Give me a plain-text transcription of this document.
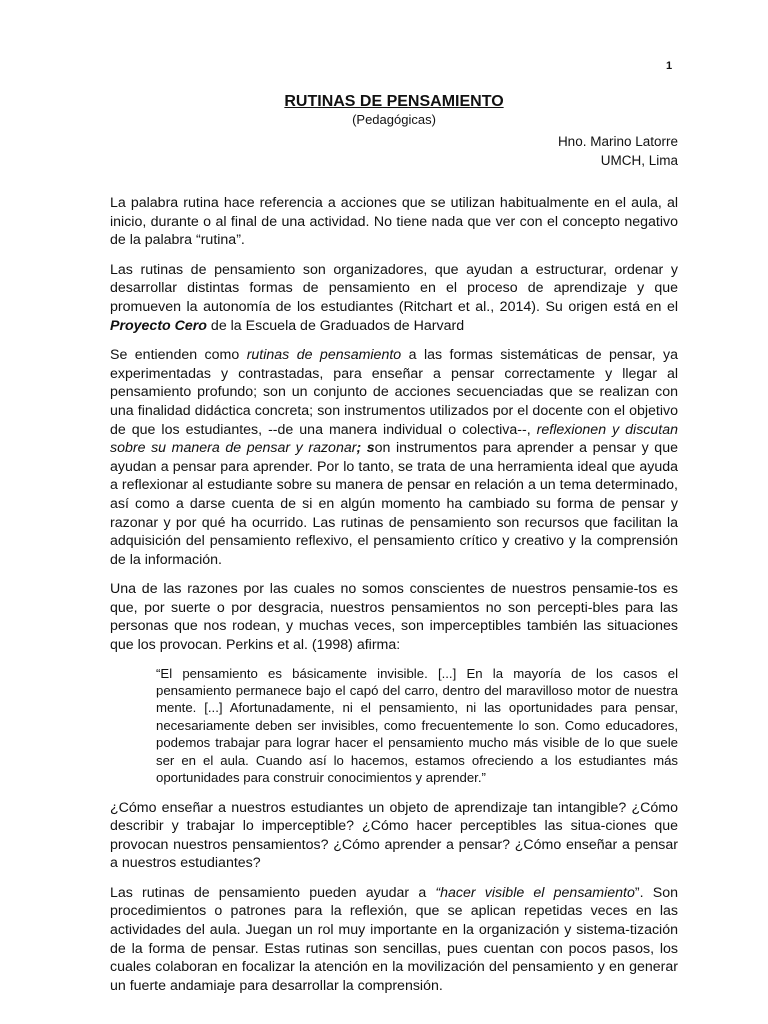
1

RUTINAS DE PENSAMIENTO

(Pedagógicas)

Hno. Marino Latorre
UMCH, Lima

La palabra rutina hace referencia a acciones que se utilizan habitualmente en el aula, al inicio, durante o al final de una actividad. No tiene nada que ver con el concepto negativo de la palabra “rutina”.

Las rutinas de pensamiento son organizadores, que ayudan a estructurar, ordenar y desarrollar distintas formas de pensamiento en el proceso de aprendizaje y que promueven la autonomía de los estudiantes (Ritchart et al., 2014). Su origen está en el Proyecto Cero de la Escuela de Graduados de Harvard

Se entienden como rutinas de pensamiento a las formas sistemáticas de pensar, ya experimentadas y contrastadas, para enseñar a pensar correctamente y llegar al pensamiento profundo; son un conjunto de acciones secuenciadas que se realizan con una finalidad didáctica concreta; son instrumentos utilizados por el docente con el objetivo de que los estudiantes, --de una manera individual o colectiva--, reflexionen y discutan sobre su manera de pensar y razonar; son instrumentos para aprender a pensar y que ayudan a pensar para aprender. Por lo tanto, se trata de una herramienta ideal que ayuda a reflexionar al estudiante sobre su manera de pensar en relación a un tema determinado, así como a darse cuenta de si en algún momento ha cambiado su forma de pensar y razonar y por qué ha ocurrido. Las rutinas de pensamiento son recursos que facilitan la adquisición del pensamiento reflexivo, el pensamiento crítico y creativo y la comprensión de la información.

Una de las razones por las cuales no somos conscientes de nuestros pensamie-tos es que, por suerte o por desgracia, nuestros pensamientos no son percepti-bles para las personas que nos rodean, y muchas veces, son imperceptibles también las situaciones que los provocan. Perkins et al. (1998) afirma:

“El pensamiento es básicamente invisible. [...] En la mayoría de los casos el pensamiento permanece bajo el capó del carro, dentro del maravilloso motor de nuestra mente. [...] Afortunadamente, ni el pensamiento, ni las oportunidades para pensar, necesariamente deben ser invisibles, como frecuentemente lo son. Como educadores, podemos trabajar para lograr hacer el pensamiento mucho más visible de lo que suele ser en el aula. Cuando así lo hacemos, estamos ofreciendo a los estudiantes más oportunidades para construir conocimientos y aprender.”

¿Cómo enseñar a nuestros estudiantes un objeto de aprendizaje tan intangible? ¿Cómo describir y trabajar lo imperceptible? ¿Cómo hacer perceptibles las situa-ciones que provocan nuestros pensamientos? ¿Cómo aprender a pensar? ¿Cómo enseñar a pensar a nuestros estudiantes?

Las rutinas de pensamiento pueden ayudar a “hacer visible el pensamiento”. Son procedimientos o patrones para la reflexión, que se aplican repetidas veces en las actividades del aula. Juegan un rol muy importante en la organización y sistema-tización de la forma de pensar. Estas rutinas son sencillas, pues cuentan con pocos pasos, los cuales colaboran en focalizar la atención en la movilización del pensamiento y en generar un fuerte andamiaje para desarrollar la comprensión.
